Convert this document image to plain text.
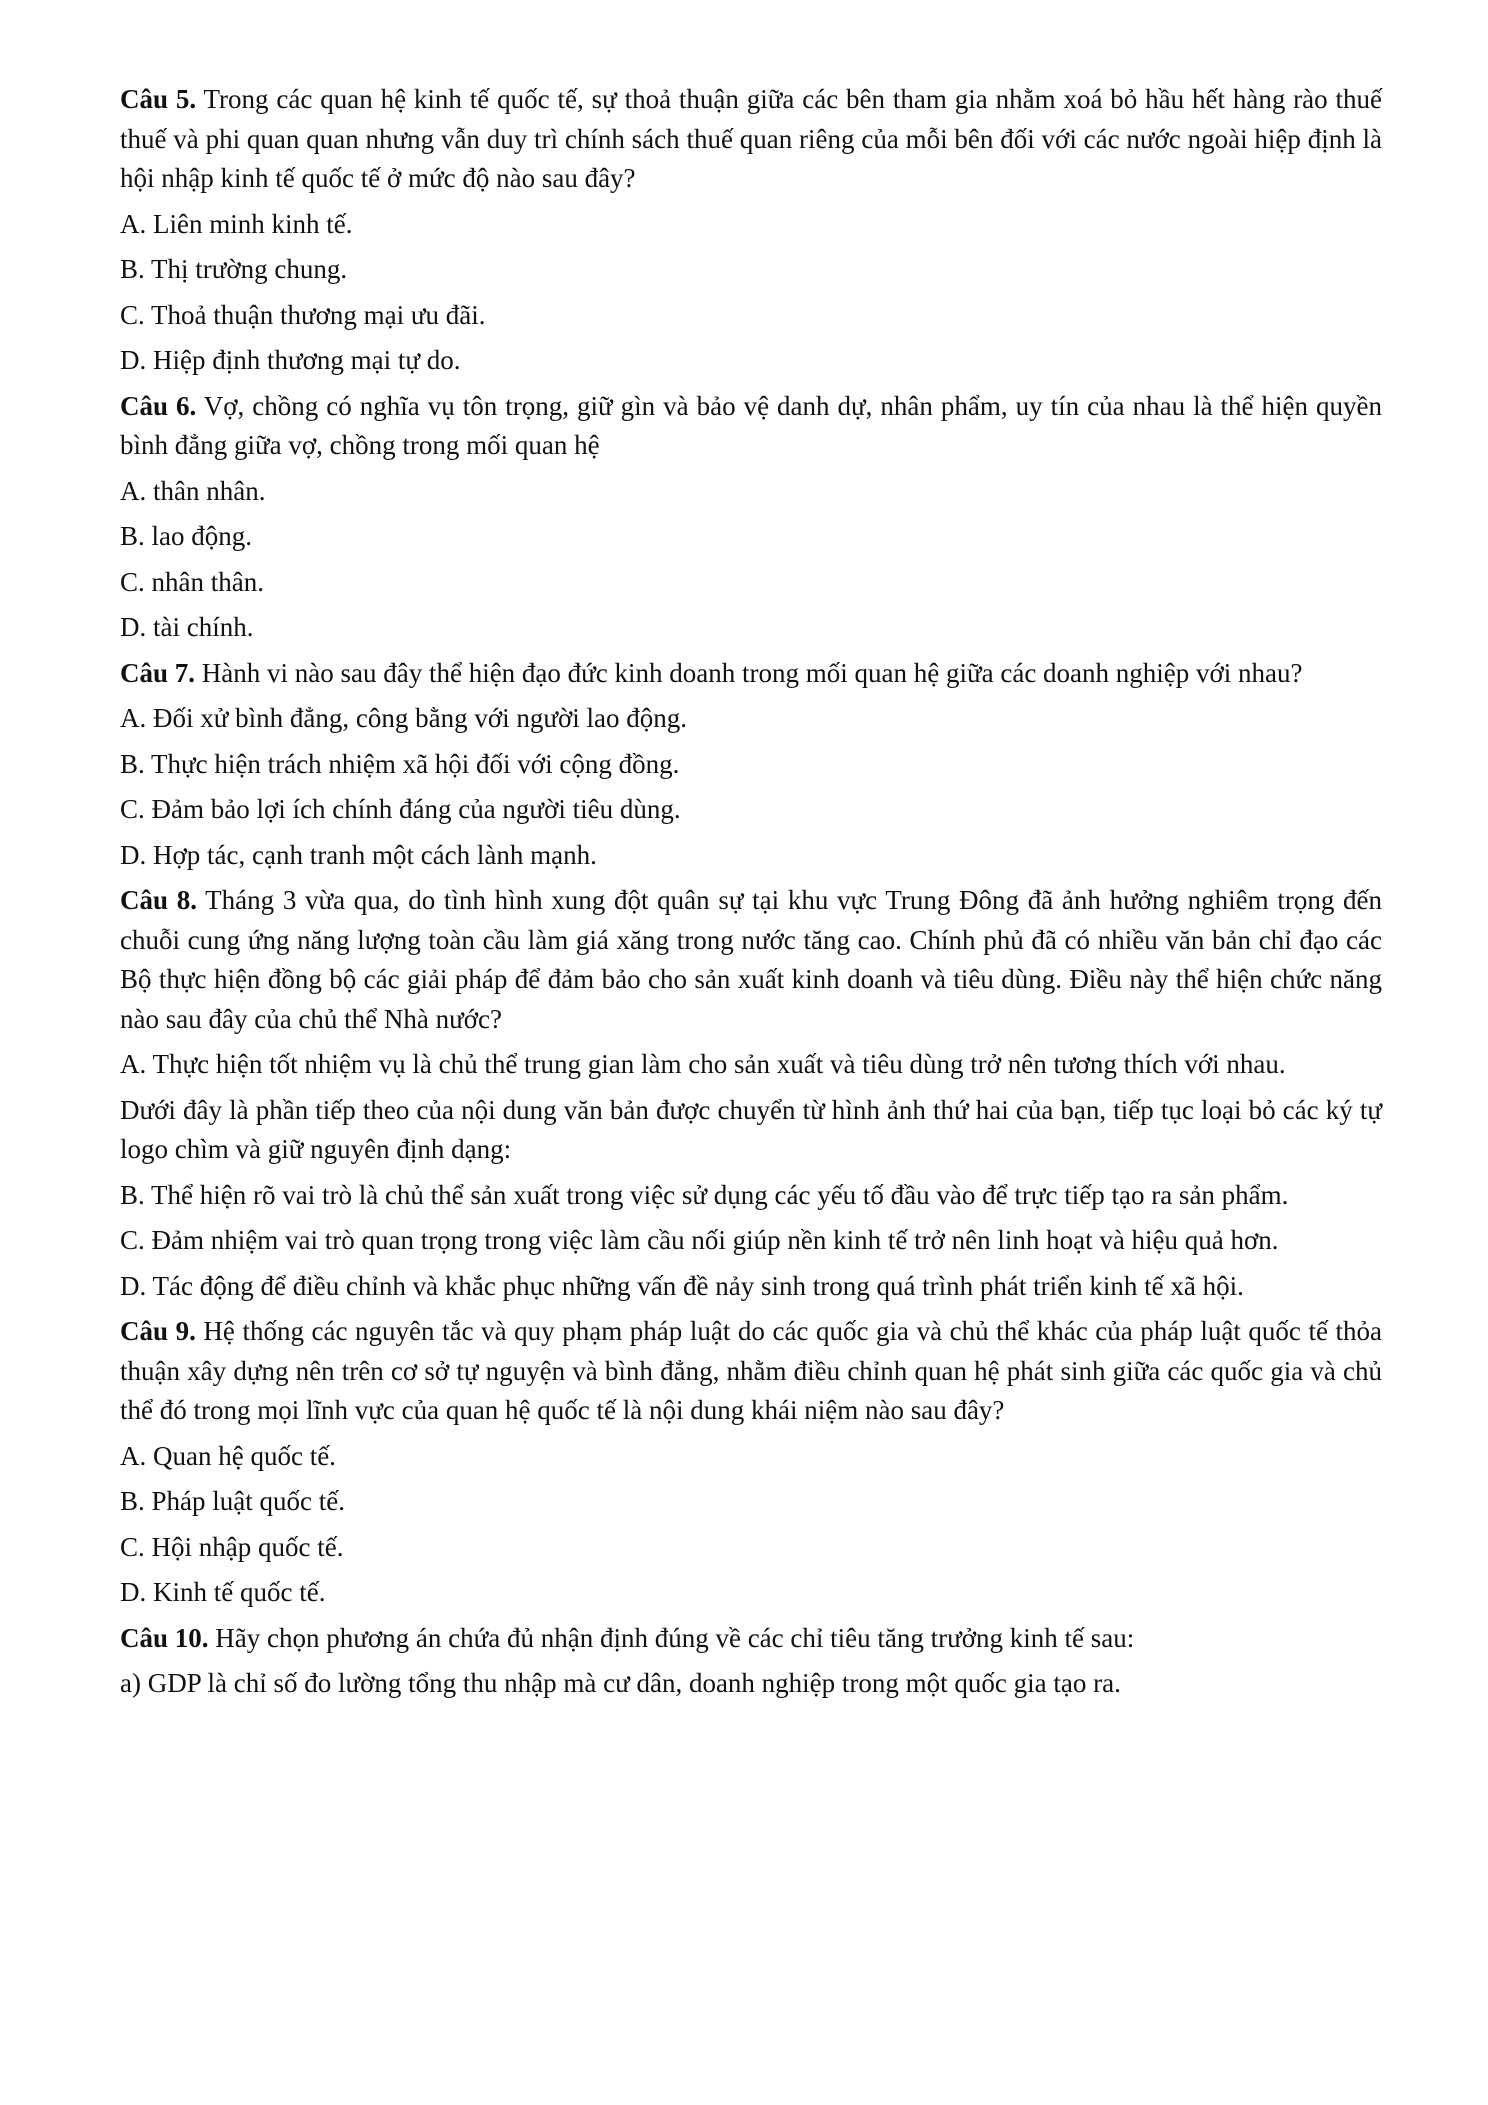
Câu 5. Trong các quan hệ kinh tế quốc tế, sự thoả thuận giữa các bên tham gia nhằm xoá bỏ hầu hết hàng rào thuế thuế và phi quan quan nhưng vẫn duy trì chính sách thuế quan riêng của mỗi bên đối với các nước ngoài hiệp định là hội nhập kinh tế quốc tế ở mức độ nào sau đây?

A. Liên minh kinh tế.

B. Thị trường chung.

C. Thoả thuận thương mại ưu đãi.

D. Hiệp định thương mại tự do.

Câu 6. Vợ, chồng có nghĩa vụ tôn trọng, giữ gìn và bảo vệ danh dự, nhân phẩm, uy tín của nhau là thể hiện quyền bình đẳng giữa vợ, chồng trong mối quan hệ

A. thân nhân.

B. lao động.

C. nhân thân.

D. tài chính.

Câu 7. Hành vi nào sau đây thể hiện đạo đức kinh doanh trong mối quan hệ giữa các doanh nghiệp với nhau?

A. Đối xử bình đẳng, công bằng với người lao động.

B. Thực hiện trách nhiệm xã hội đối với cộng đồng.

C. Đảm bảo lợi ích chính đáng của người tiêu dùng.

D. Hợp tác, cạnh tranh một cách lành mạnh.

Câu 8. Tháng 3 vừa qua, do tình hình xung đột quân sự tại khu vực Trung Đông đã ảnh hưởng nghiêm trọng đến chuỗi cung ứng năng lượng toàn cầu làm giá xăng trong nước tăng cao. Chính phủ đã có nhiều văn bản chỉ đạo các Bộ thực hiện đồng bộ các giải pháp để đảm bảo cho sản xuất kinh doanh và tiêu dùng. Điều này thể hiện chức năng nào sau đây của chủ thể Nhà nước?

A. Thực hiện tốt nhiệm vụ là chủ thể trung gian làm cho sản xuất và tiêu dùng trở nên tương thích với nhau.

Dưới đây là phần tiếp theo của nội dung văn bản được chuyển từ hình ảnh thứ hai của bạn, tiếp tục loại bỏ các ký tự logo chìm và giữ nguyên định dạng:

B. Thể hiện rõ vai trò là chủ thể sản xuất trong việc sử dụng các yếu tố đầu vào để trực tiếp tạo ra sản phẩm.

C. Đảm nhiệm vai trò quan trọng trong việc làm cầu nối giúp nền kinh tế trở nên linh hoạt và hiệu quả hơn.

D. Tác động để điều chỉnh và khắc phục những vấn đề nảy sinh trong quá trình phát triển kinh tế xã hội.

Câu 9. Hệ thống các nguyên tắc và quy phạm pháp luật do các quốc gia và chủ thể khác của pháp luật quốc tế thỏa thuận xây dựng nên trên cơ sở tự nguyện và bình đẳng, nhằm điều chỉnh quan hệ phát sinh giữa các quốc gia và chủ thể đó trong mọi lĩnh vực của quan hệ quốc tế là nội dung khái niệm nào sau đây?

A. Quan hệ quốc tế.

B. Pháp luật quốc tế.

C. Hội nhập quốc tế.

D. Kinh tế quốc tế.

Câu 10. Hãy chọn phương án chứa đủ nhận định đúng về các chỉ tiêu tăng trưởng kinh tế sau:

a) GDP là chỉ số đo lường tổng thu nhập mà cư dân, doanh nghiệp trong một quốc gia tạo ra.
